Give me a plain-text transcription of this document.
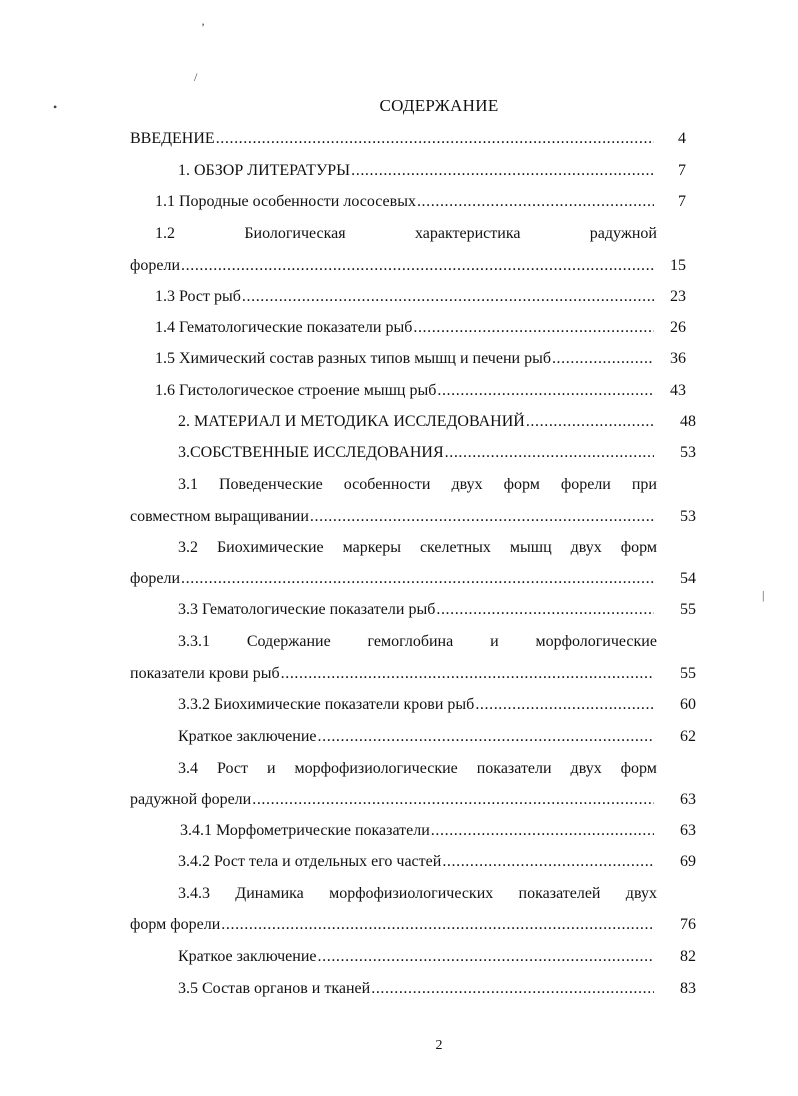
’
/
•	СОДЕРЖАНИЕ
ВВЕДЕНИЕ .....	4
1. ОБЗОР ЛИТЕРАТУРЫ .....	7
1.1 Породные особенности лососевых .....	7
1.2	Биологическая	характеристика	радужной
форели .....	15
1.3 Рост рыб .....	23
1.4 Гематологические показатели рыб .....	26
1.5 Химический состав разных типов мышц и печени рыб .....	36
1.6 Гистологическое строение мышц рыб .....	43
2. МАТЕРИАЛ И МЕТОДИКА ИССЛЕДОВАНИЙ .....	48
3.СОБСТВЕННЫЕ ИССЛЕДОВАНИЯ .....	53
3.1 Поведенческие особенности двух форм форели при
совместном выращивании .....	53
3.2 Биохимические маркеры скелетных мышц двух форм
форели .....	54
3.3 Гематологические показатели рыб .....	55
3.3.1 Содержание гемоглобина и морфологические
показатели крови рыб .....	55
3.3.2 Биохимические показатели крови рыб .....	60
Краткое заключение .....	62
3.4 Рост и морфофизиологические показатели двух форм
радужной форели .....	63
3.4.1 Морфометрические показатели .....	63
3.4.2 Рост тела и отдельных его частей .....	69
3.4.3 Динамика морфофизиологических показателей двух
форм форели .....	76
Краткое заключение .....	82
3.5 Состав органов и тканей .....	83
|
2
